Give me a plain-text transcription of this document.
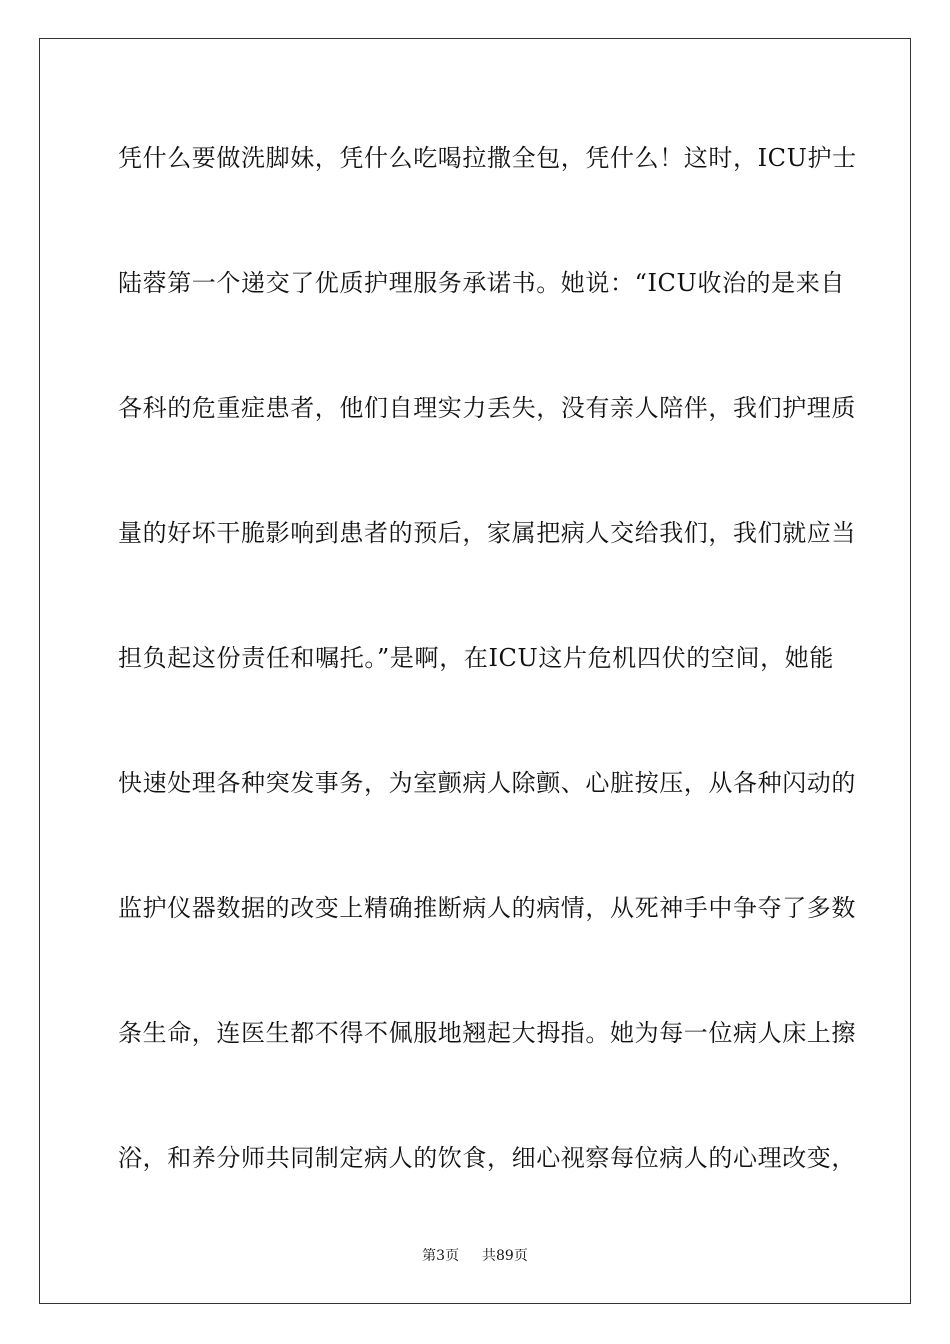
凭什么要做洗脚妹，凭什么吃喝拉撒全包，凭什么！这时，ICU护士
陆蓉第一个递交了优质护理服务承诺书。她说：“ICU收治的是来自
各科的危重症患者，他们自理实力丢失，没有亲人陪伴，我们护理质
量的好坏干脆影响到患者的预后，家属把病人交给我们，我们就应当
担负起这份责任和嘱托。”是啊，在ICU这片危机四伏的空间，她能
快速处理各种突发事务，为室颤病人除颤、心脏按压，从各种闪动的
监护仪器数据的改变上精确推断病人的病情，从死神手中争夺了多数
条生命，连医生都不得不佩服地翘起大拇指。她为每一位病人床上擦
浴，和养分师共同制定病人的饮食，细心视察每位病人的心理改变，
第3页 共89页
